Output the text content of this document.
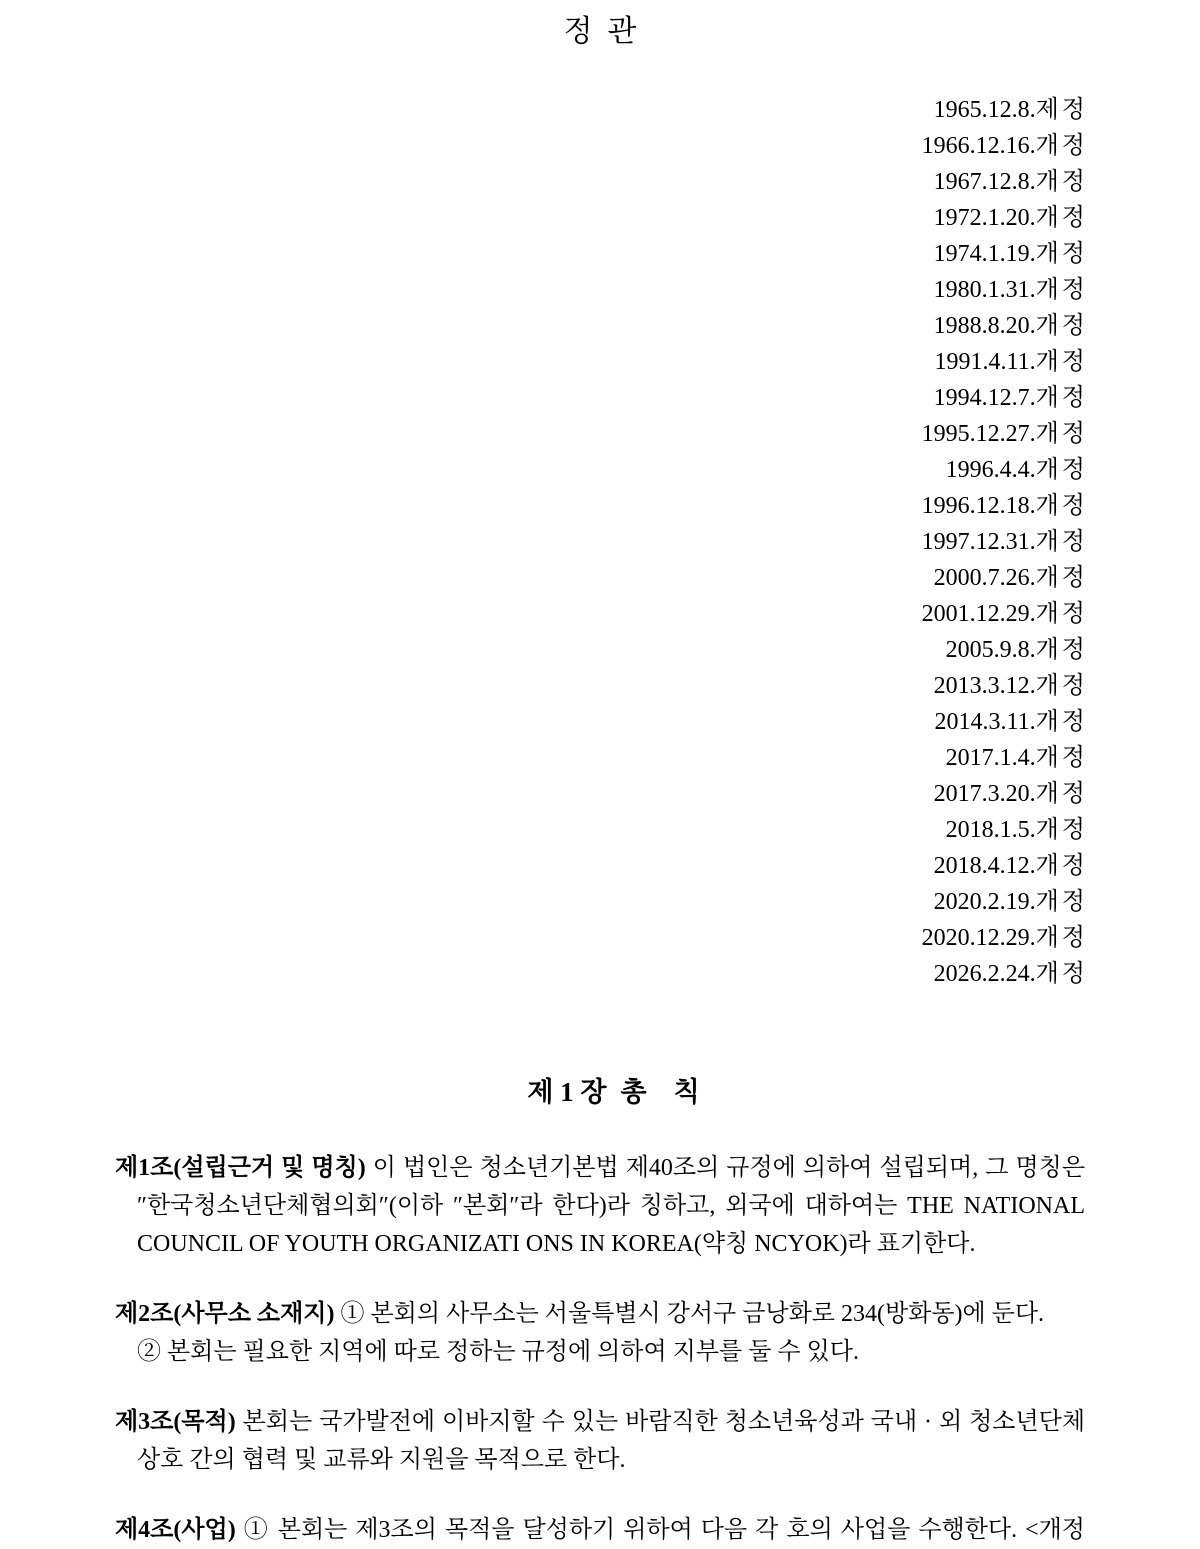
정  관
1965.12.8.제정
1966.12.16.개정
1967.12.8.개정
1972.1.20.개정
1974.1.19.개정
1980.1.31.개정
1988.8.20.개정
1991.4.11.개정
1994.12.7.개정
1995.12.27.개정
1996.4.4.개정
1996.12.18.개정
1997.12.31.개정
2000.7.26.개정
2001.12.29.개정
2005.9.8.개정
2013.3.12.개정
2014.3.11.개정
2017.1.4.개정
2017.3.20.개정
2018.1.5.개정
2018.4.12.개정
2020.2.19.개정
2020.12.29.개정
2026.2.24.개정

제 1 장 총    칙

제1조(설립근거 및 명칭) 이 법인은 청소년기본법 제40조의 규정에 의하여 설립되며, 그 명칭은 ″한국청소년단체협의회″(이하 ″본회″라 한다)라 칭하고, 외국에 대하여는 THE NATIONAL COUNCIL OF YOUTH ORGANIZATI ONS IN KOREA(약칭 NCYOK)라 표기한다.

제2조(사무소 소재지) ① 본회의 사무소는 서울특별시 강서구 금낭화로 234(방화동)에 둔다.

② 본회는 필요한 지역에 따로 정하는 규정에 의하여 지부를 둘 수 있다.

제3조(목적) 본회는 국가발전에 이바지할 수 있는 바람직한 청소년육성과 국내 · 외 청소년단체 상호 간의 협력 및 교류와 지원을 목적으로 한다.

제4조(사업) ① 본회는 제3조의 목적을 달성하기 위하여 다음 각 호의 사업을 수행한다. <개정
